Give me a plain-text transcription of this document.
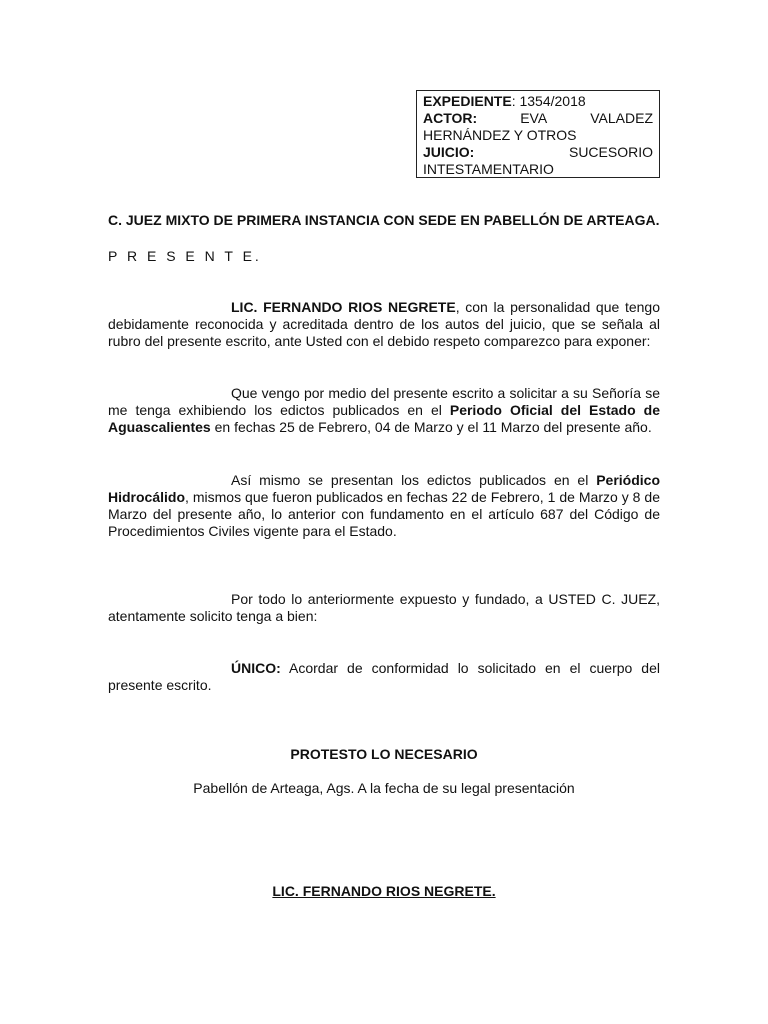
EXPEDIENTE: 1354/2018
ACTOR:	EVA	VALADEZ
HERNÁNDEZ Y OTROS
JUICIO:	SUCESORIO
INTESTAMENTARIO
C. JUEZ MIXTO DE PRIMERA INSTANCIA CON SEDE EN PABELLÓN DE ARTEAGA.
P R E S E N T E.

LIC. FERNANDO RIOS NEGRETE, con la personalidad que tengo debidamente reconocida y acreditada dentro de los autos del juicio, que se señala al rubro del presente escrito, ante Usted con el debido respeto comparezco para exponer:

Que vengo por medio del presente escrito a solicitar a su Señoría se me tenga exhibiendo los edictos publicados en el Periodo Oficial del Estado de Aguascalientes en fechas 25 de Febrero, 04 de Marzo y el 11 Marzo del presente año.

Así mismo se presentan los edictos publicados en el Periódico Hidrocálido, mismos que fueron publicados en fechas 22 de Febrero, 1 de Marzo y 8 de Marzo del presente año, lo anterior con fundamento en el artículo 687 del Código de Procedimientos Civiles vigente para el Estado.

Por todo lo anteriormente expuesto y fundado, a USTED C. JUEZ, atentamente solicito tenga a bien:

ÚNICO: Acordar de conformidad lo solicitado en el cuerpo del presente escrito.

PROTESTO LO NECESARIO
Pabellón de Arteaga, Ags. A la fecha de su legal presentación
LIC. FERNANDO RIOS NEGRETE.
